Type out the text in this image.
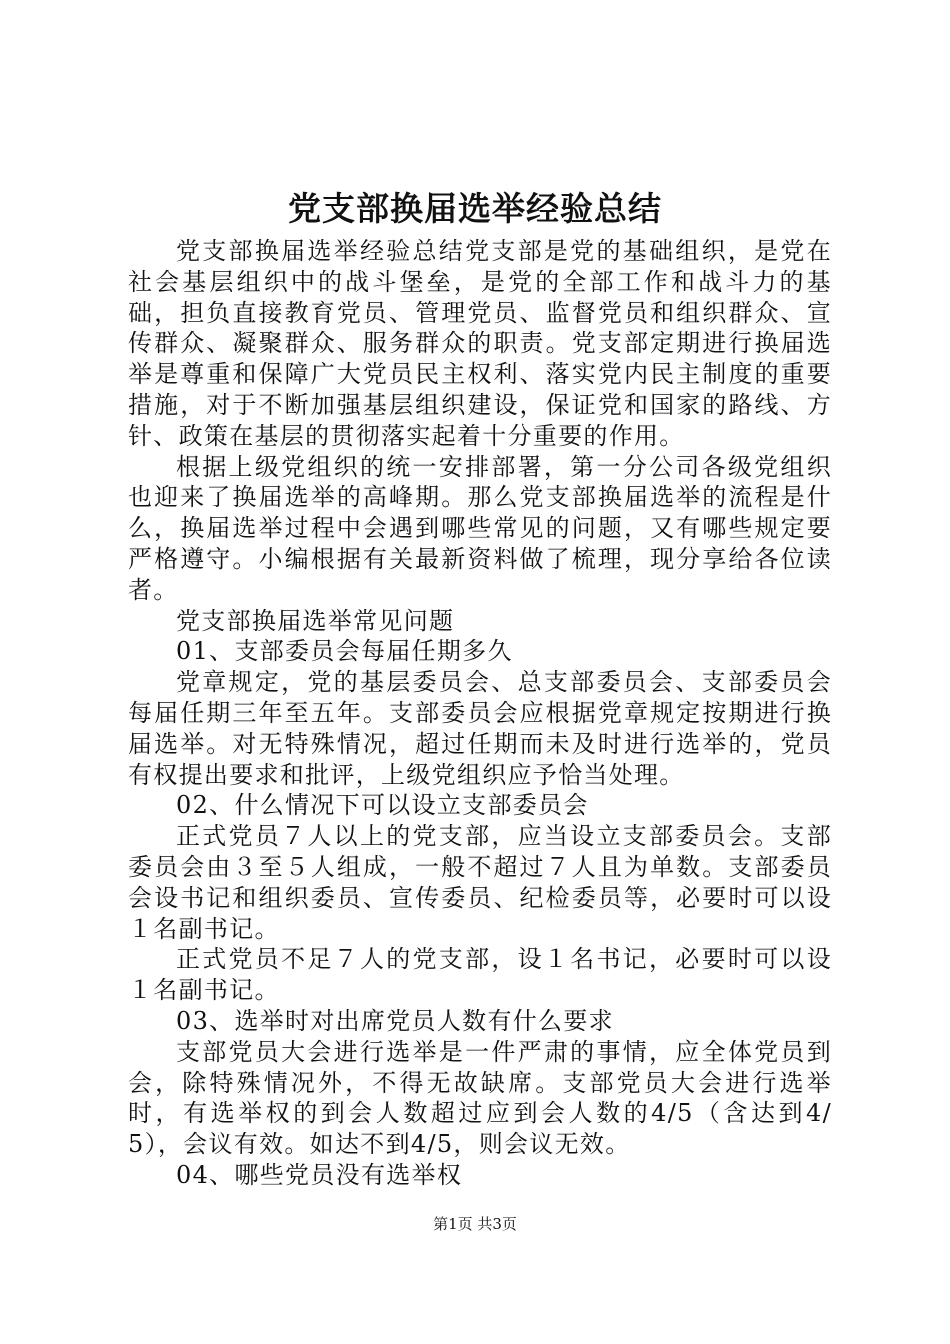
党支部换届选举经验总结

党支部换届选举经验总结党支部是党的基础组织，是党在社会基层组织中的战斗堡垒，是党的全部工作和战斗力的基础，担负直接教育党员、管理党员、监督党员和组织群众、宣传群众、凝聚群众、服务群众的职责。党支部定期进行换届选举是尊重和保障广大党员民主权利、落实党内民主制度的重要措施，对于不断加强基层组织建设，保证党和国家的路线、方针、政策在基层的贯彻落实起着十分重要的作用。

根据上级党组织的统一安排部署，第一分公司各级党组织也迎来了换届选举的高峰期。那么党支部换届选举的流程是什么，换届选举过程中会遇到哪些常见的问题，又有哪些规定要严格遵守。小编根据有关最新资料做了梳理，现分享给各位读者。

党支部换届选举常见问题

01、支部委员会每届任期多久

党章规定，党的基层委员会、总支部委员会、支部委员会每届任期三年至五年。支部委员会应根据党章规定按期进行换届选举。对无特殊情况，超过任期而未及时进行选举的，党员有权提出要求和批评，上级党组织应予恰当处理。

02、什么情况下可以设立支部委员会

正式党员７人以上的党支部，应当设立支部委员会。支部委员会由３至５人组成，一般不超过７人且为单数。支部委员会设书记和组织委员、宣传委员、纪检委员等，必要时可以设１名副书记。

正式党员不足７人的党支部，设１名书记，必要时可以设１名副书记。

03、选举时对出席党员人数有什么要求

支部党员大会进行选举是一件严肃的事情，应全体党员到会，除特殊情况外，不得无故缺席。支部党员大会进行选举时，有选举权的到会人数超过应到会人数的4/5（含达到4/5），会议有效。如达不到4/5，则会议无效。

04、哪些党员没有选举权

第1页 共3页
